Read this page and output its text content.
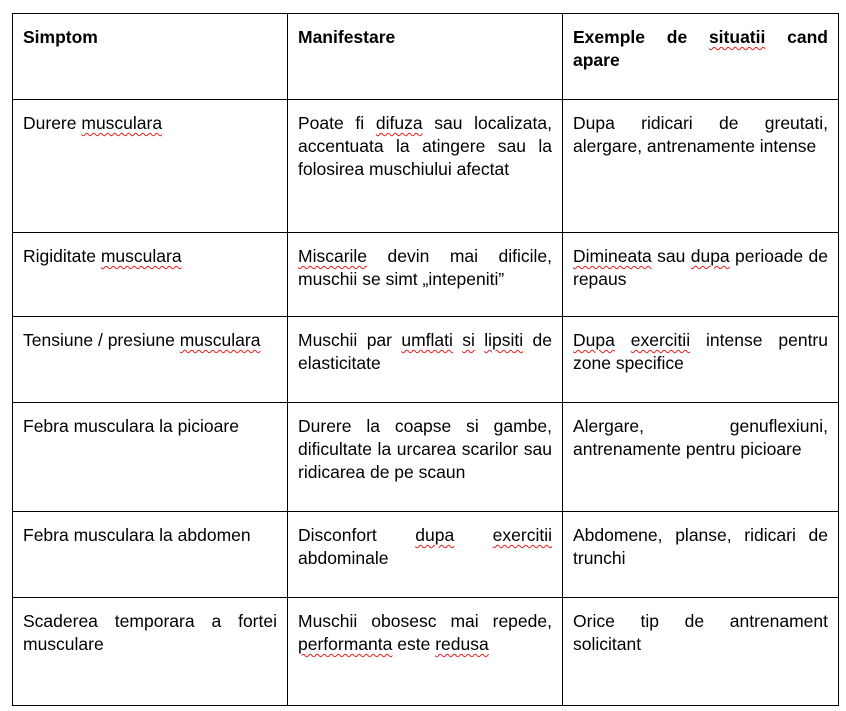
Simptom	Manifestare	Exemple de situatii cand apare
Durere musculara	Poate fi difuza sau localizata, accentuata la atingere sau la folosirea muschiului afectat	Dupa ridicari de greutati, alergare, antrenamente intense
Rigiditate musculara	Miscarile devin mai dificile, muschii se simt „intepeniti”	Dimineata sau dupa perioade de repaus
Tensiune / presiune musculara	Muschii par umflati si lipsiti de elasticitate	Dupa exercitii intense pentru zone specifice
Febra musculara la picioare	Durere la coapse si gambe, dificultate la urcarea scarilor sau ridicarea de pe scaun	Alergare, genuflexiuni, antrenamente pentru picioare
Febra musculara la abdomen	Disconfort dupa exercitii abdominale	Abdomene, planse, ridicari de trunchi
Scaderea temporara a fortei musculare	Muschii obosesc mai repede, performanta este redusa	Orice tip de antrenament solicitant
